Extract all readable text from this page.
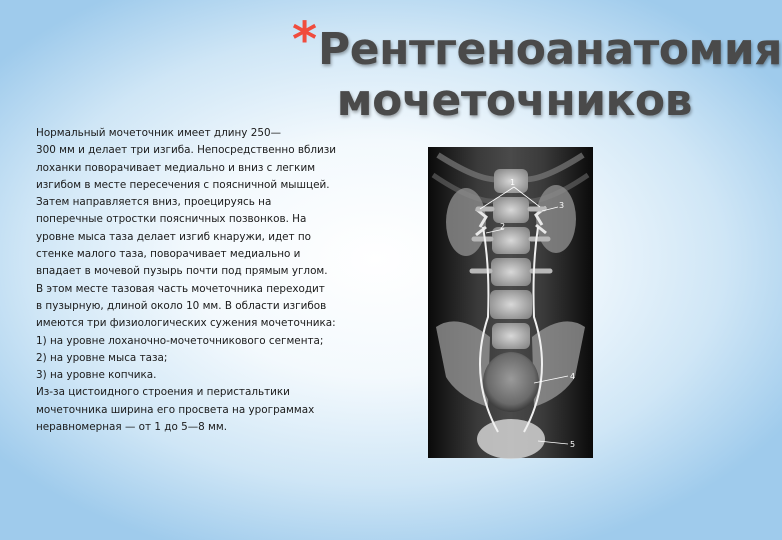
* Рентгеноанатомия
мочеточников
Нормальный мочеточник имеет длину 250—
300 мм и делает три изгиба. Непосредственно вблизи
лоханки поворачивает медиально и вниз с легким
изгибом в месте пересечения с поясничной мышцей.
Затем направляется вниз, проецируясь на
поперечные отростки поясничных позвонков. На
уровне мыса таза делает изгиб кнаружи, идет по
стенке малого таза, поворачивает медиально и
впадает в мочевой пузырь почти под прямым углом.
В этом месте тазовая часть мочеточника переходит
в пузырную, длиной около 10 мм. В области изгибов
имеются три физиологических сужения мочеточника:
1) на уровне лоханочно-мочеточникового сегмента;
2) на уровне мыса таза;
3) на уровне копчика.
Из-за цистоидного строения и перистальтики
мочеточника ширина его просвета на урограммах
неравномерная — от 1 до 5—8 мм.
1
2
3
4
5
